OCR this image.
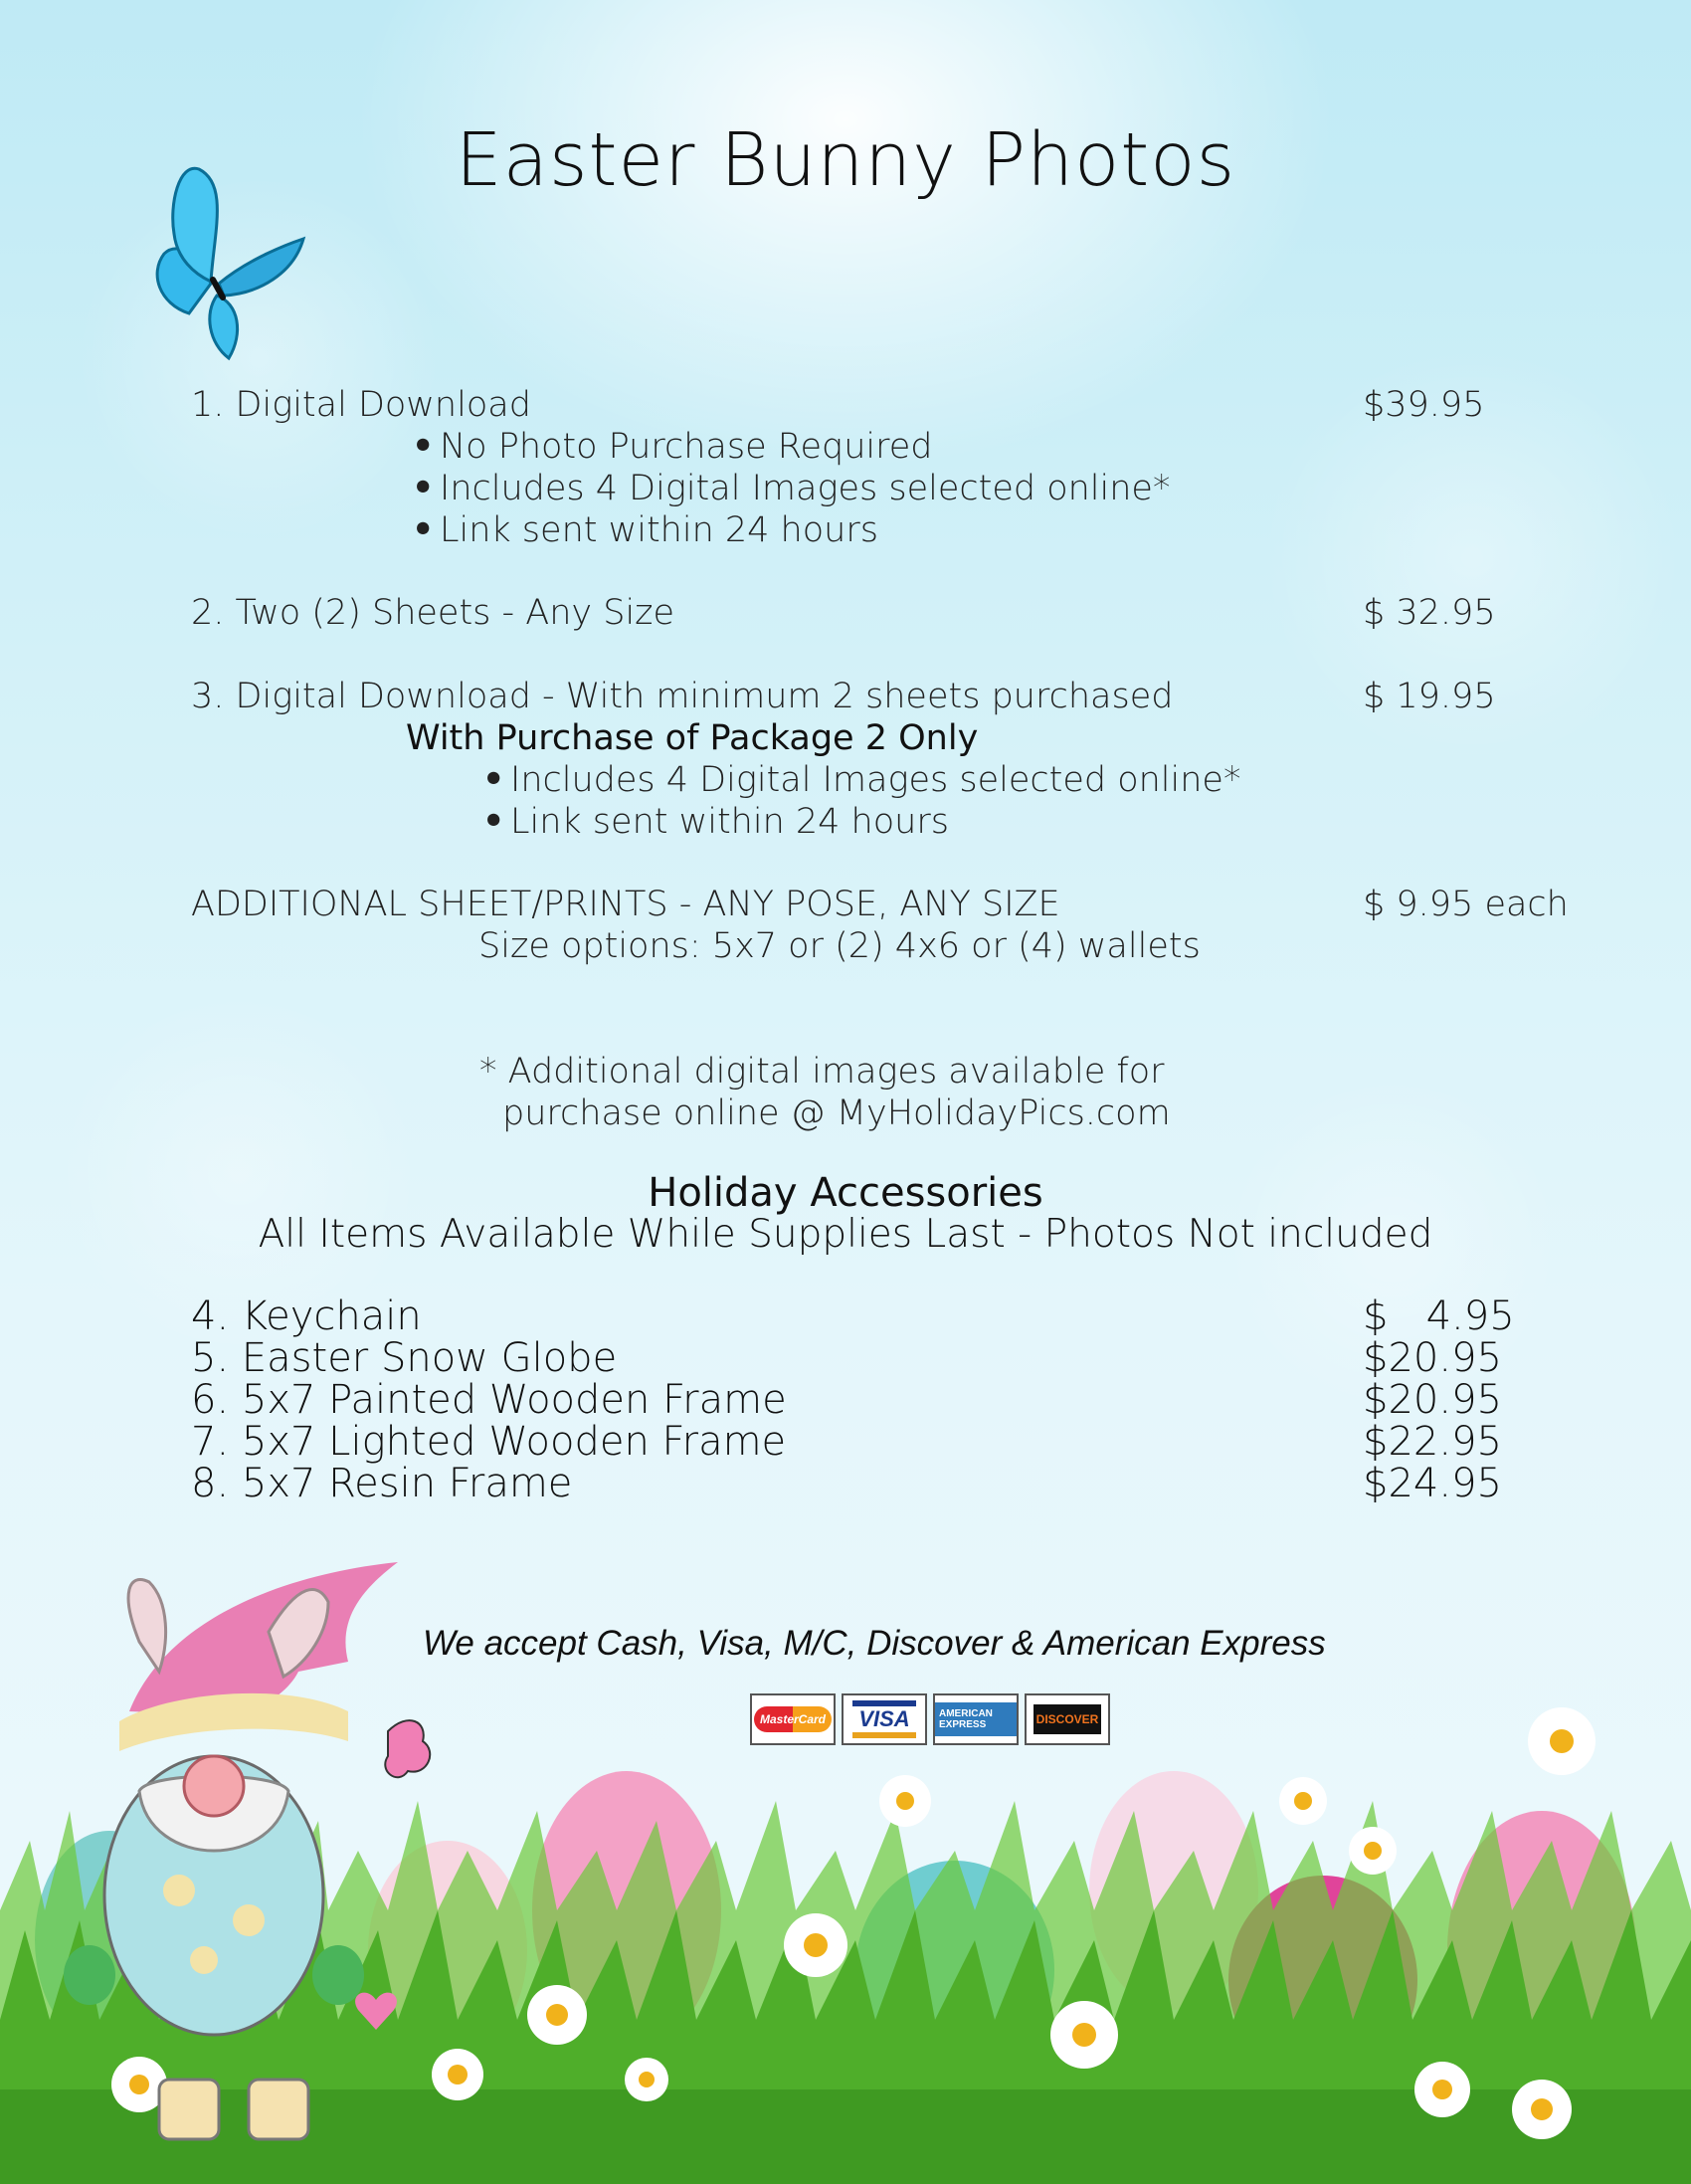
Easter Bunny Photos
1. Digital Download	$39.95
• No Photo Purchase Required
• Includes 4 Digital Images selected online*
• Link sent within 24 hours
2. Two (2) Sheets - Any Size	$ 32.95
3. Digital Download - With minimum 2 sheets purchased	$ 19.95
With Purchase of Package 2 Only
• Includes 4 Digital Images selected online*
• Link sent within 24 hours
ADDITIONAL SHEET/PRINTS - ANY POSE, ANY SIZE	$ 9.95 each
Size options: 5x7 or (2) 4x6 or (4) wallets
* Additional digital images available for
purchase online @ MyHolidayPics.com
Holiday Accessories
All Items Available While Supplies Last - Photos Not included
4. Keychain	$   4.95
5. Easter Snow Globe	$20.95
6. 5x7 Painted Wooden Frame	$20.95
7. 5x7 Lighted Wooden Frame	$22.95
8. 5x7 Resin Frame	$24.95
We accept Cash, Visa, M/C, Discover & American Express
MasterCard VISA	AMERICAN EXPRESS	DISCOVER
